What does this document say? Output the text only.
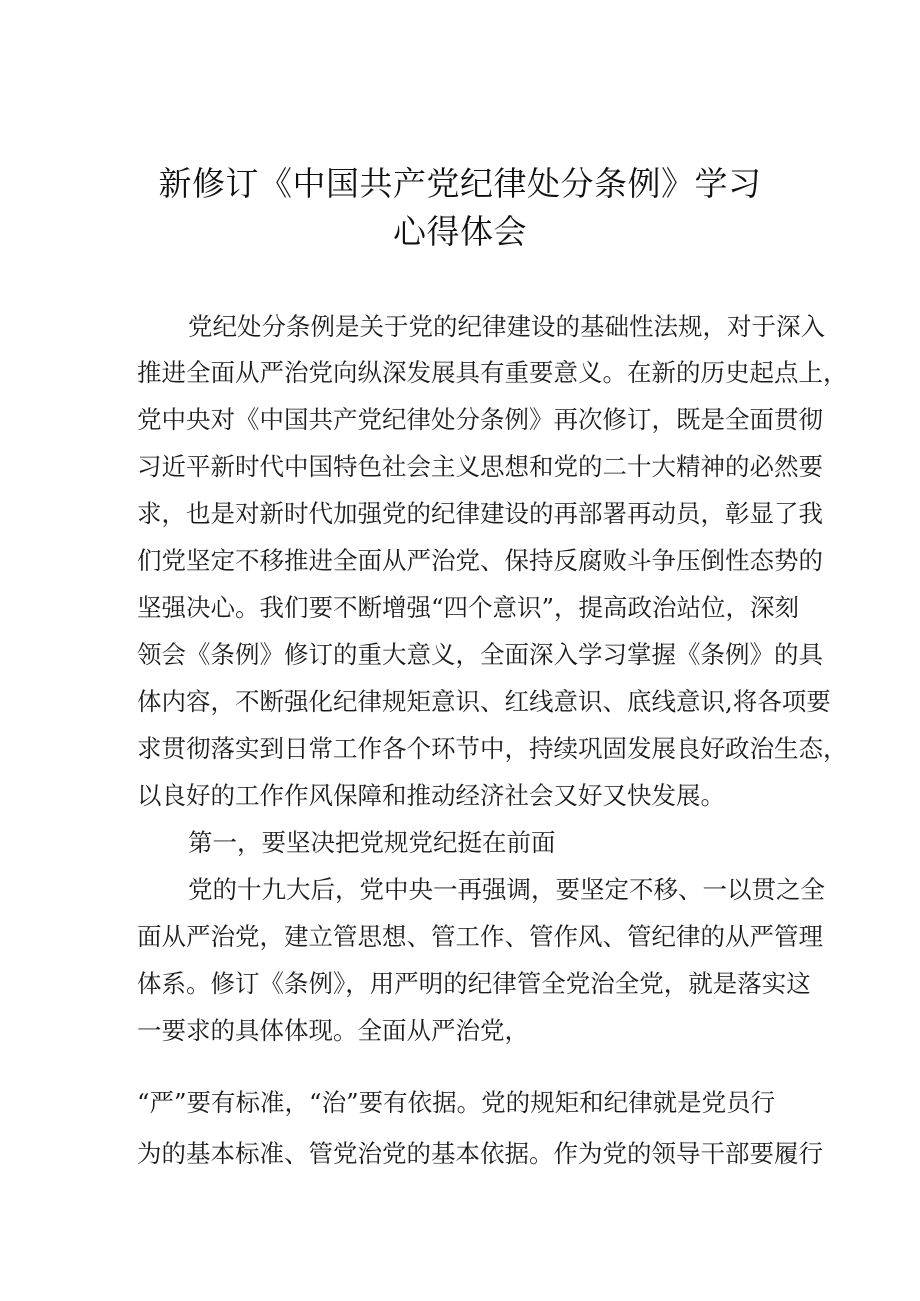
新修订《中国共产党纪律处分条例》学习
心得体会
党纪处分条例是关于党的纪律建设的基础性法规，对于深入
推进全面从严治党向纵深发展具有重要意义。在新的历史起点上，
党中央对《中国共产党纪律处分条例》再次修订，既是全面贯彻
习近平新时代中国特色社会主义思想和党的二十大精神的必然要
求，也是对新时代加强党的纪律建设的再部署再动员，彰显了我
们党坚定不移推进全面从严治党、保持反腐败斗争压倒性态势的
坚强决心。我们要不断增强“四个意识”，提高政治站位，深刻
领会《条例》修订的重大意义，全面深入学习掌握《条例》的具
体内容，不断强化纪律规矩意识、红线意识、底线意识,将各项要
求贯彻落实到日常工作各个环节中，持续巩固发展良好政治生态，
以良好的工作作风保障和推动经济社会又好又快发展。
第一，要坚决把党规党纪挺在前面
党的十九大后，党中央一再强调，要坚定不移、一以贯之全
面从严治党，建立管思想、管工作、管作风、管纪律的从严管理
体系。修订《条例》，用严明的纪律管全党治全党，就是落实这
一要求的具体体现。全面从严治党，
“严”要有标准，“治”要有依据。党的规矩和纪律就是党员行
为的基本标准、管党治党的基本依据。作为党的领导干部要履行
